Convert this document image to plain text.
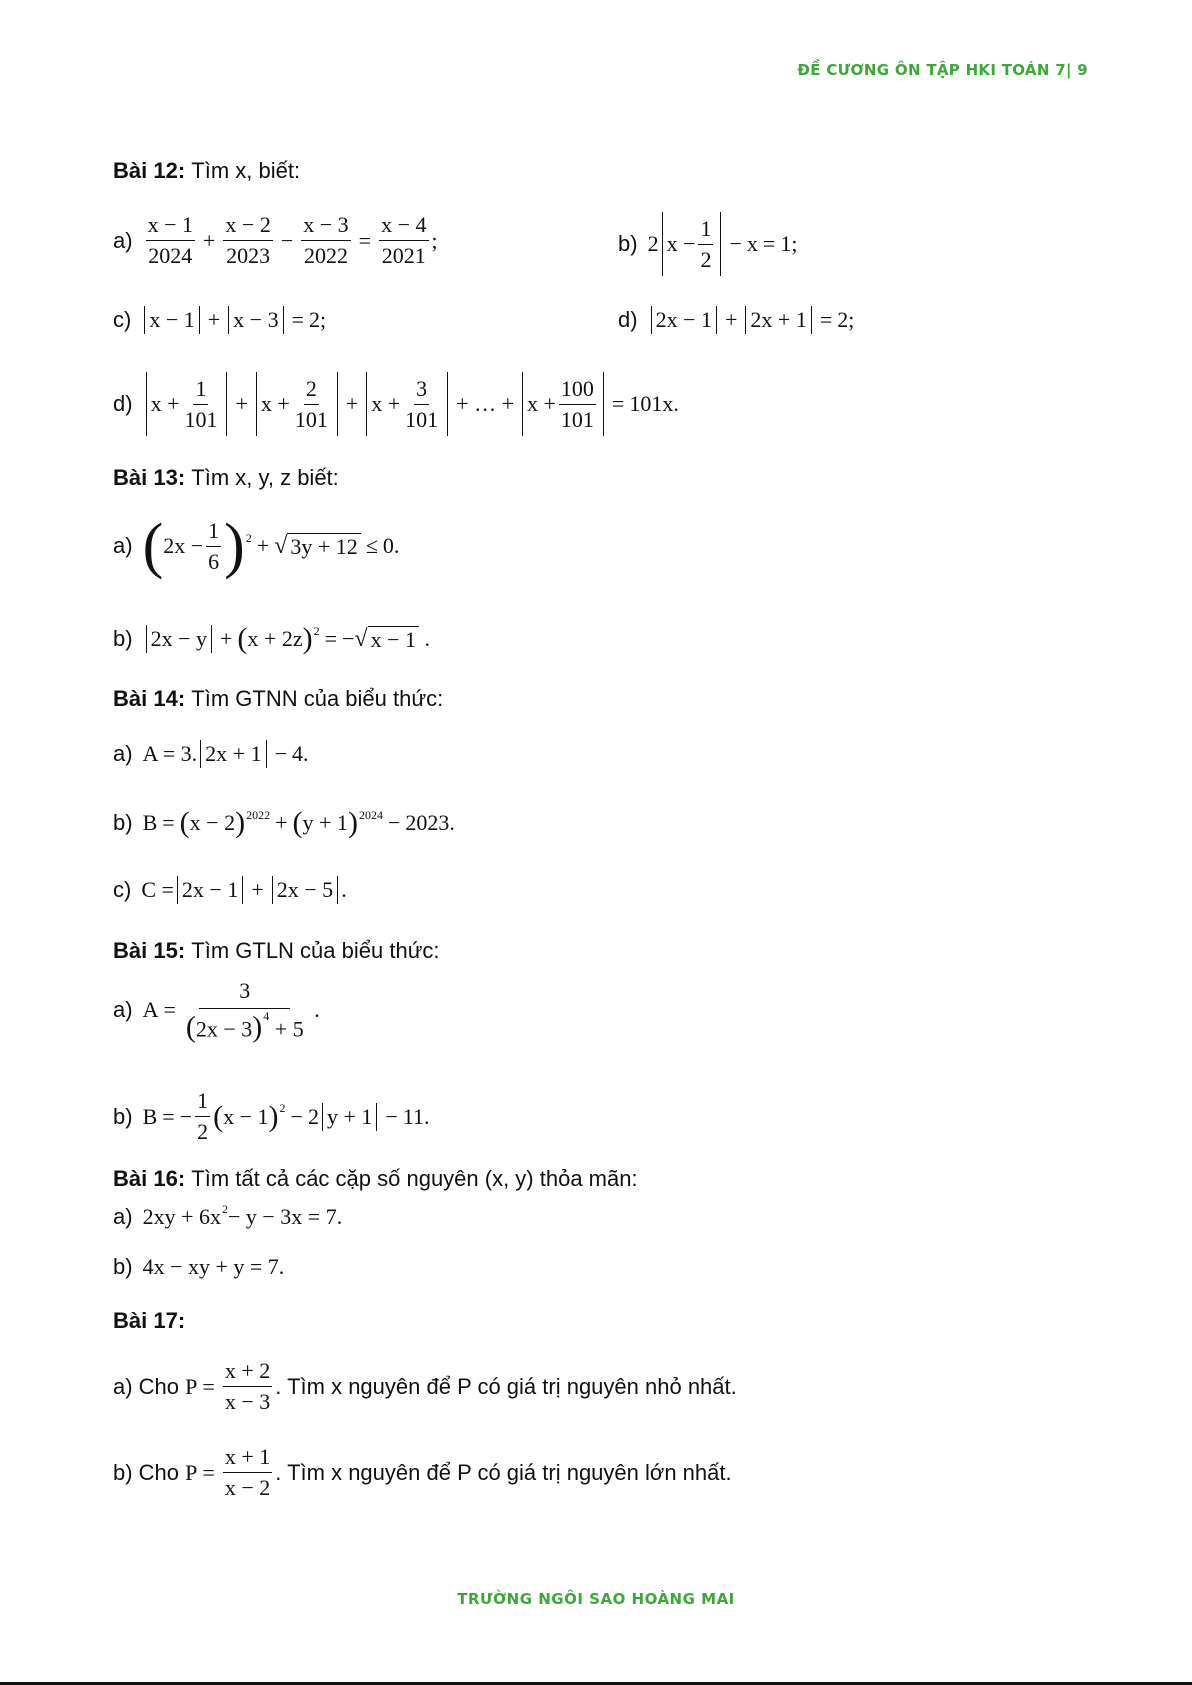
ĐỀ CƯƠNG ÔN TẬP HKI TOÁN 7| 9
Bài 12:
Tìm x, biết:
$a) \frac{x - 1}{2024} + \frac{x - 2}{2023} - \frac{x - 3}{2022} = \frac{x - 4}{2021}$ ;	b) 2 $x - \frac{1}{2} - x = 1$;
c) x − 1 + x − 3 = 2;	d) 2x − 1 + 2x + 1 = 2;
d) $x + \frac{1}{101} + x + \frac{2}{101} + x + \frac{3}{101}$ + … + $x + \frac{100}{101} = 101x$.
Bài 13:
Tìm x, y, z biết:
a) ( $2x - \frac{1}{6}$ ) 2 + √ 3y + 12 ≤ 0.
b) 2x − y + ( x + 2z ) 2 = − √ x − 1 .
Bài 14:
Tìm GTNN của biểu thức:
a) A = 3. 2x + 1 − 4.
b) B = ( x − 2 ) 2022 + ( y + 1 ) 2024 − 2023.
c) C = 2x − 1 + 2x − 5 .
Bài 15:
Tìm GTLN của biểu thức:
a) $A = \frac{3}{(2x - 3)^4 + 5}$ .
b) B = − $\frac{1}{2}$ ( x − 1 ) 2 − 2 y + 1 − 11.
Bài 16:
Tìm tất cả các cặp số nguyên (x, y) thỏa mãn:
a) 2xy + 6x 2 − y − 3x = 7.
b) 4x − xy + y = 7.
Bài 17:
a) Cho
$P = \frac{x + 2}{x - 3}$ . Tìm x nguyên để P có giá trị nguyên nhỏ nhất.
b) Cho
$P = \frac{x + 1}{x - 2}$ . Tìm x nguyên để P có giá trị nguyên lớn nhất.
TRƯỜNG NGÔI SAO HOÀNG MAI
